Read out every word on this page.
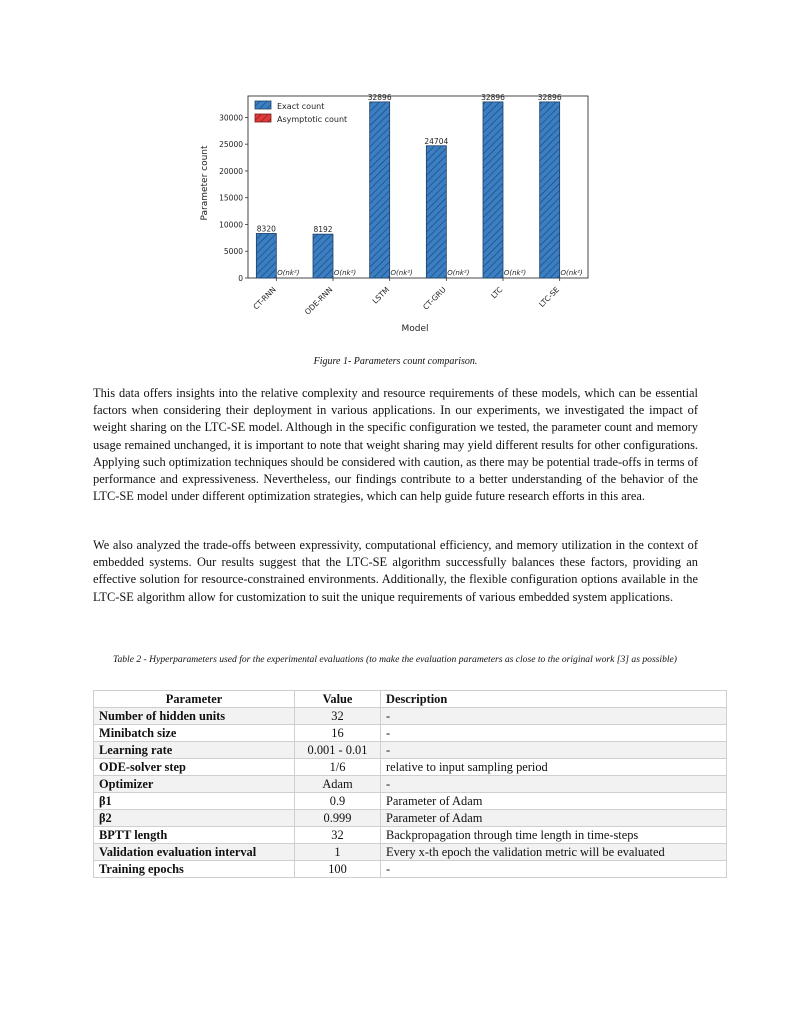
0
5000
10000
15000
20000
25000
30000
8320
O(nk²)
CT-RNN
8192
O(nk²)
ODE-RNN
32896
O(nk²)
LSTM
24704
O(nk²)
CT-GRU
32896
O(nk²)
LTC
32896
O(nk²)
LTC-SE
Exact count
Asymptotic count
Model
Parameter count
Figure 1- Parameters count comparison.

This data offers insights into the relative complexity and resource requirements of these models, which can be essential factors when considering their deployment in various applications. In our experiments, we investigated the impact of weight sharing on the LTC-SE model. Although in the specific configuration we tested, the parameter count and memory usage remained unchanged, it is important to note that weight sharing may yield different results for other configurations. Applying such optimization techniques should be considered with caution, as there may be potential trade-offs in terms of performance and expressiveness. Nevertheless, our findings contribute to a better understanding of the behavior of the LTC-SE model under different optimization strategies, which can help guide future research efforts in this area.

We also analyzed the trade-offs between expressivity, computational efficiency, and memory utilization in the context of embedded systems. Our results suggest that the LTC-SE algorithm successfully balances these factors, providing an effective solution for resource-constrained environments. Additionally, the flexible configuration options available in the LTC-SE algorithm allow for customization to suit the unique requirements of various embedded system applications.

Table 2 - Hyperparameters used for the experimental evaluations (to make the evaluation parameters as close to the original work [3] as possible)
Parameter	Value	Description
Number of hidden units	32	-
Minibatch size	16	-
Learning rate	0.001 - 0.01	-
ODE-solver step	1/6	relative to input sampling period
Optimizer	Adam	-
β1	0.9	Parameter of Adam
β2	0.999	Parameter of Adam
BPTT length	32	Backpropagation through time length in time-steps
Validation evaluation interval	1	Every x-th epoch the validation metric will be evaluated
Training epochs	100	-
